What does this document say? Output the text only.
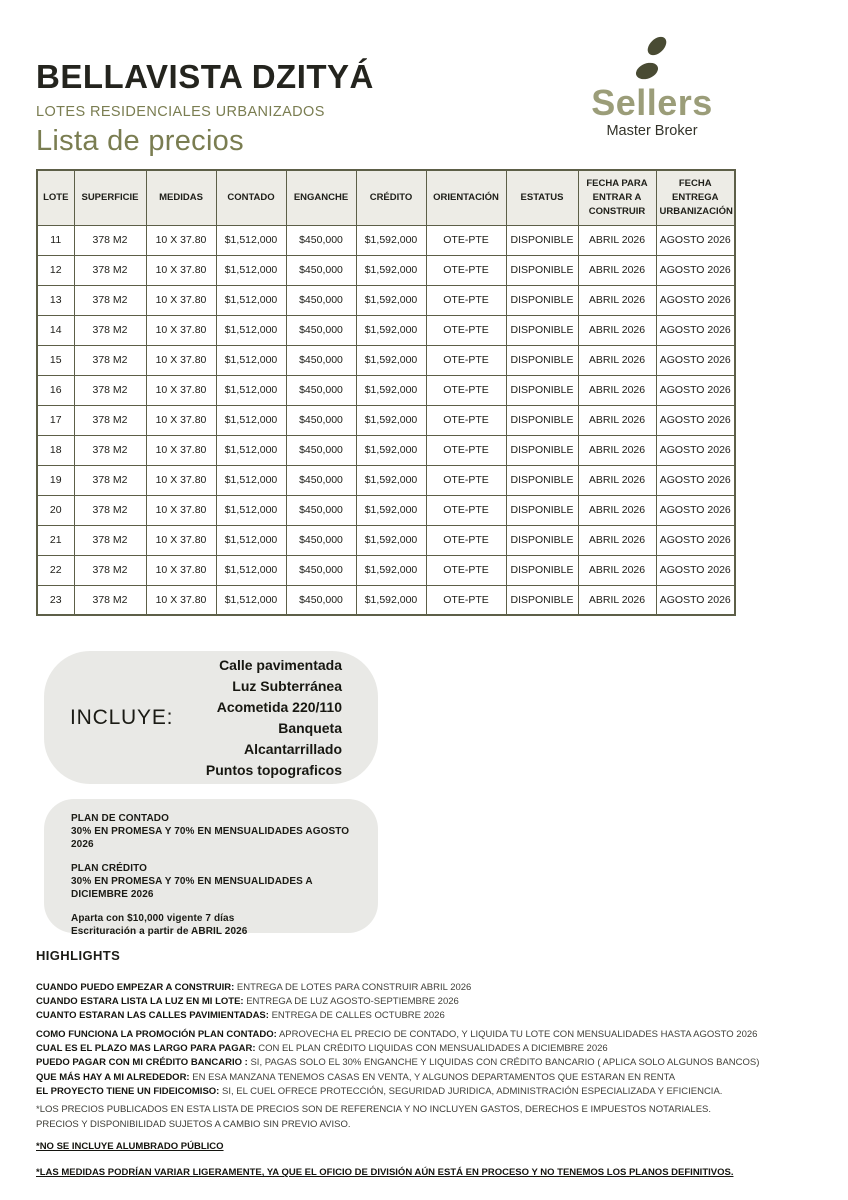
BELLAVISTA DZITYÁ
LOTES RESIDENCIALES URBANIZADOS
Lista de precios
Sellers
Master Broker
LOTE	SUPERFICIE	MEDIDAS	CONTADO	ENGANCHE	CRÉDITO	ORIENTACIÓN	ESTATUS	FECHA PARA ENTRAR A CONSTRUIR	FECHA ENTREGA URBANIZACIÓN
11	378 M2	10 X 37.80	$1,512,000	$450,000	$1,592,000	OTE-PTE	DISPONIBLE	ABRIL 2026	AGOSTO 2026
12	378 M2	10 X 37.80	$1,512,000	$450,000	$1,592,000	OTE-PTE	DISPONIBLE	ABRIL 2026	AGOSTO 2026
13	378 M2	10 X 37.80	$1,512,000	$450,000	$1,592,000	OTE-PTE	DISPONIBLE	ABRIL 2026	AGOSTO 2026
14	378 M2	10 X 37.80	$1,512,000	$450,000	$1,592,000	OTE-PTE	DISPONIBLE	ABRIL 2026	AGOSTO 2026
15	378 M2	10 X 37.80	$1,512,000	$450,000	$1,592,000	OTE-PTE	DISPONIBLE	ABRIL 2026	AGOSTO 2026
16	378 M2	10 X 37.80	$1,512,000	$450,000	$1,592,000	OTE-PTE	DISPONIBLE	ABRIL 2026	AGOSTO 2026
17	378 M2	10 X 37.80	$1,512,000	$450,000	$1,592,000	OTE-PTE	DISPONIBLE	ABRIL 2026	AGOSTO 2026
18	378 M2	10 X 37.80	$1,512,000	$450,000	$1,592,000	OTE-PTE	DISPONIBLE	ABRIL 2026	AGOSTO 2026
19	378 M2	10 X 37.80	$1,512,000	$450,000	$1,592,000	OTE-PTE	DISPONIBLE	ABRIL 2026	AGOSTO 2026
20	378 M2	10 X 37.80	$1,512,000	$450,000	$1,592,000	OTE-PTE	DISPONIBLE	ABRIL 2026	AGOSTO 2026
21	378 M2	10 X 37.80	$1,512,000	$450,000	$1,592,000	OTE-PTE	DISPONIBLE	ABRIL 2026	AGOSTO 2026
22	378 M2	10 X 37.80	$1,512,000	$450,000	$1,592,000	OTE-PTE	DISPONIBLE	ABRIL 2026	AGOSTO 2026
23	378 M2	10 X 37.80	$1,512,000	$450,000	$1,592,000	OTE-PTE	DISPONIBLE	ABRIL 2026	AGOSTO 2026
INCLUYE:
Calle pavimentada
Luz Subterránea
Acometida 220/110
Banqueta
Alcantarrillado
Puntos topograficos
PLAN DE CONTADO
30% EN PROMESA Y 70% EN MENSUALIDADES AGOSTO 2026
PLAN CRÉDITO
30% EN PROMESA Y 70% EN MENSUALIDADES A DICIEMBRE 2026
Aparta con $10,000 vigente 7 días
Escrituración a partir de ABRIL 2026
HIGHLIGHTS
CUANDO PUEDO EMPEZAR A CONSTRUIR: ENTREGA DE LOTES PARA CONSTRUIR ABRIL 2026
CUANDO ESTARA LISTA LA LUZ EN MI LOTE: ENTREGA DE LUZ AGOSTO-SEPTIEMBRE 2026
CUANTO ESTARAN LAS CALLES PAVIMIENTADAS: ENTREGA DE CALLES OCTUBRE 2026
COMO FUNCIONA LA PROMOCIÓN PLAN CONTADO: APROVECHA EL PRECIO DE CONTADO, Y LIQUIDA TU LOTE CON MENSUALIDADES HASTA AGOSTO 2026
CUAL ES EL PLAZO MAS LARGO PARA PAGAR: CON EL PLAN CRÉDITO LIQUIDAS CON MENSUALIDADES A DICIEMBRE 2026
PUEDO PAGAR CON MI CRÉDITO BANCARIO : SI, PAGAS SOLO EL 30% ENGANCHE Y LIQUIDAS CON CRÉDITO BANCARIO ( APLICA SOLO ALGUNOS BANCOS)
QUE MÁS HAY A MI ALREDEDOR: EN ESA MANZANA TENEMOS CASAS EN VENTA, Y ALGUNOS DEPARTAMENTOS QUE ESTARAN EN RENTA
EL PROYECTO TIENE UN FIDEICOMISO: SI, EL CUEL OFRECE PROTECCIÓN, SEGURIDAD JURIDICA, ADMINISTRACIÓN ESPECIALIZADA Y EFICIENCIA.
*LOS PRECIOS PUBLICADOS EN ESTA LISTA DE PRECIOS SON DE REFERENCIA Y NO INCLUYEN GASTOS, DERECHOS E IMPUESTOS NOTARIALES.
PRECIOS Y DISPONIBILIDAD SUJETOS A CAMBIO SIN PREVIO AVISO.
*NO SE INCLUYE ALUMBRADO PÚBLICO
*LAS MEDIDAS PODRÍAN VARIAR LIGERAMENTE, YA QUE EL OFICIO DE DIVISIÓN AÚN ESTÁ EN PROCESO Y NO TENEMOS LOS PLANOS DEFINITIVOS.
